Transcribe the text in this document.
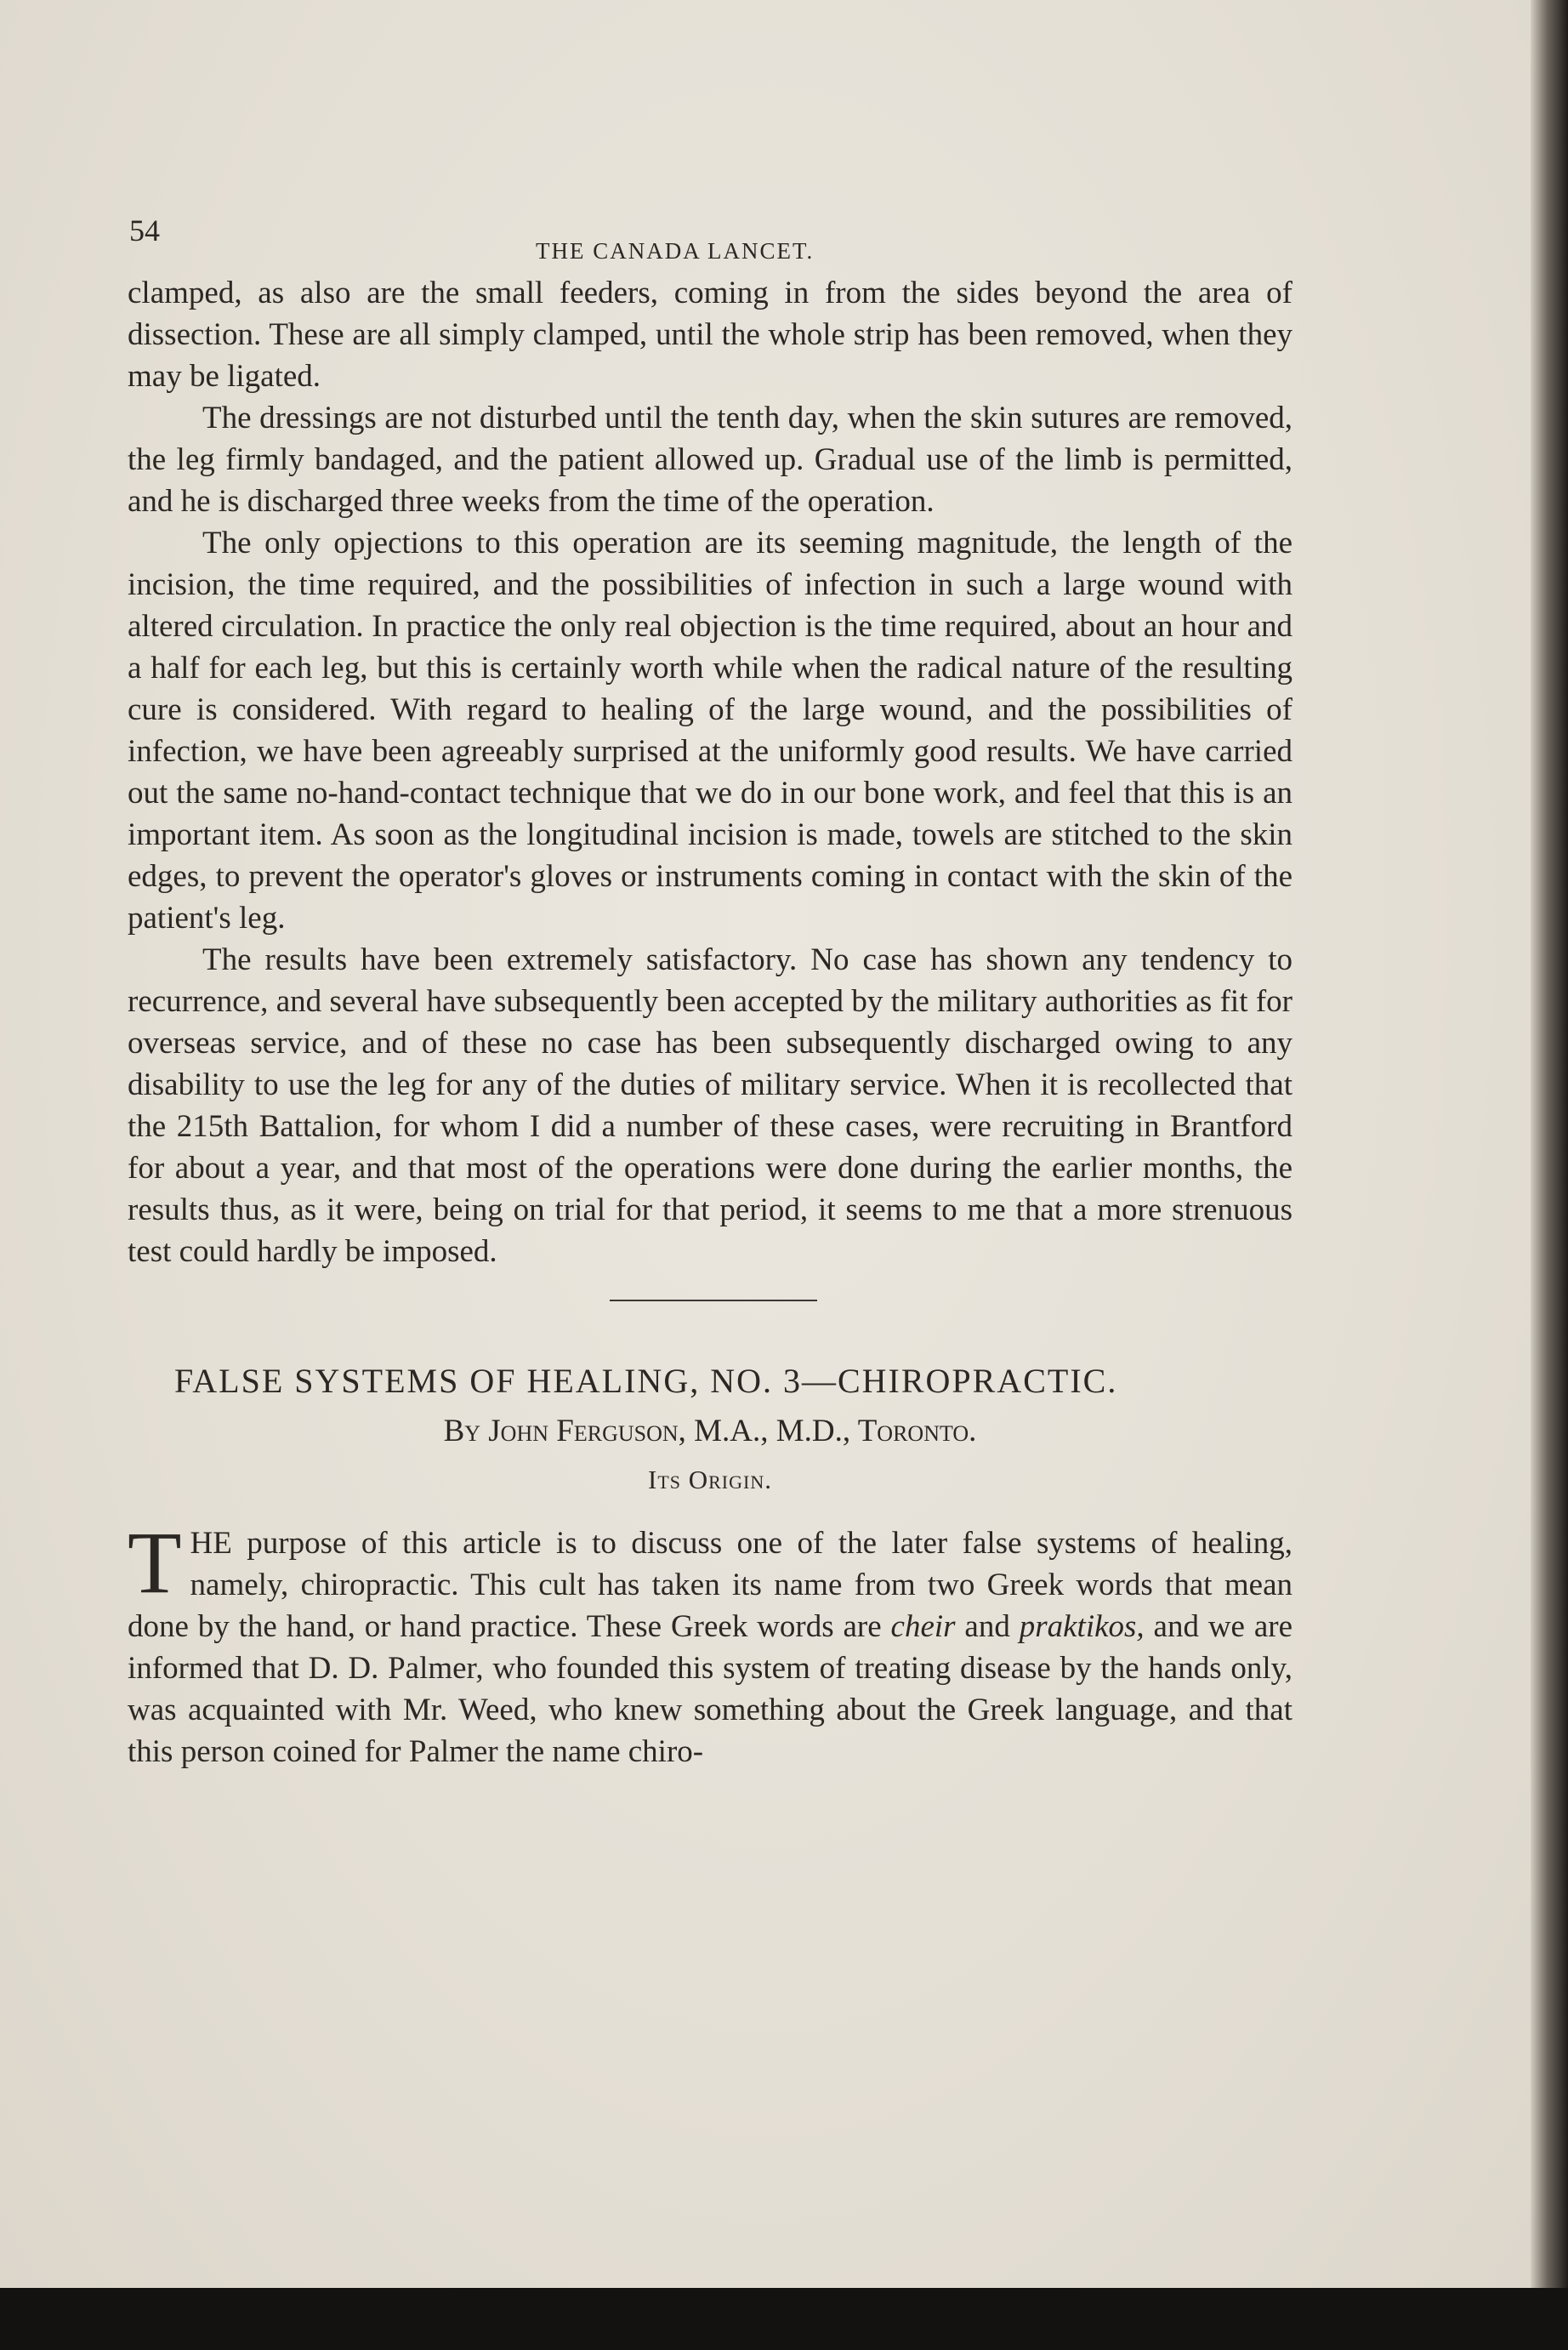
54
THE CANADA LANCET.

clamped, as also are the small feeders, coming in from the sides beyond the area of dissection. These are all simply clamped, until the whole strip has been removed, when they may be ligated.

The dressings are not disturbed until the tenth day, when the skin sutures are removed, the leg firmly bandaged, and the patient allowed up. Gradual use of the limb is permitted, and he is discharged three weeks from the time of the operation.

The only opjections to this operation are its seeming magnitude, the length of the incision, the time required, and the possibilities of infection in such a large wound with altered circulation. In practice the only real objection is the time required, about an hour and a half for each leg, but this is certainly worth while when the radical nature of the resulting cure is considered. With regard to healing of the large wound, and the possibilities of infection, we have been agreeably surprised at the uniformly good results. We have carried out the same no-hand-contact technique that we do in our bone work, and feel that this is an important item. As soon as the longitudinal incision is made, towels are stitched to the skin edges, to prevent the operator's gloves or instruments coming in contact with the skin of the patient's leg.

The results have been extremely satisfactory. No case has shown any tendency to recurrence, and several have subsequently been accepted by the military authorities as fit for overseas service, and of these no case has been subsequently discharged owing to any disability to use the leg for any of the duties of military service. When it is recollected that the 215th Battalion, for whom I did a number of these cases, were recruiting in Brantford for about a year, and that most of the operations were done during the earlier months, the results thus, as it were, being on trial for that period, it seems to me that a more strenuous test could hardly be imposed.

FALSE SYSTEMS OF HEALING, NO. 3—CHIROPRACTIC.
By John Ferguson, M.A., M.D., Toronto.
Its Origin.

THE purpose of this article is to discuss one of the later false systems of healing, namely, chiropractic. This cult has taken its name from two Greek words that mean done by the hand, or hand practice. These Greek words are cheir and praktikos, and we are informed that D. D. Palmer, who founded this system of treating disease by the hands only, was acquainted with Mr. Weed, who knew something about the Greek language, and that this person coined for Palmer the name chiro-
